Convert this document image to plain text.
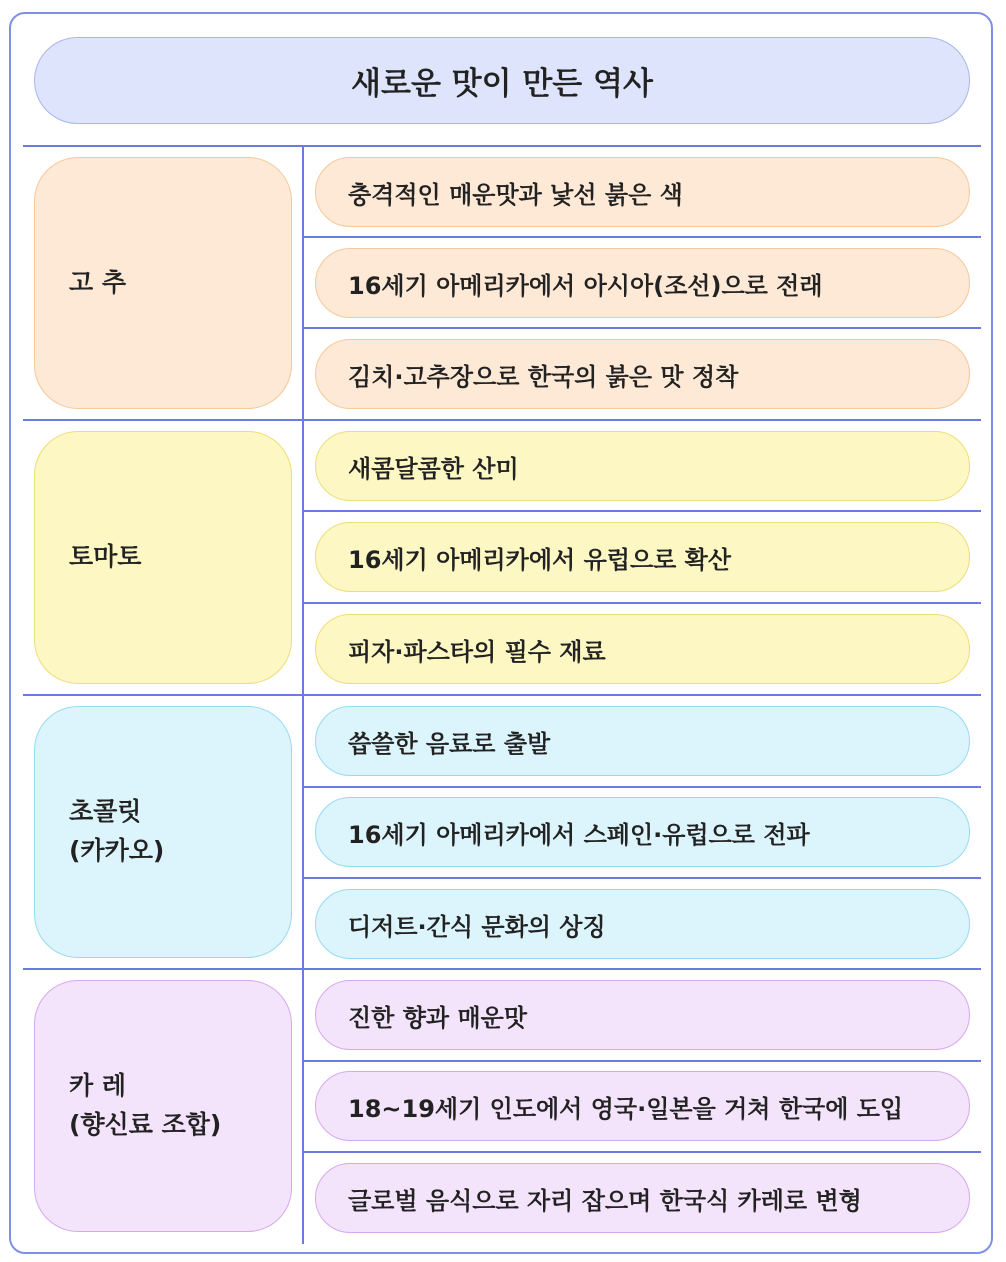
새로운 맛이 만든 역사
고 추
충격적인 매운맛과 낯선 붉은 색
16세기 아메리카에서 아시아(조선)으로 전래
김치·고추장으로 한국의 붉은 맛 정착
토마토
새콤달콤한 산미
16세기 아메리카에서 유럽으로 확산
피자·파스타의 필수 재료
초콜릿
(카카오)
씁쓸한 음료로 출발
16세기 아메리카에서 스페인·유럽으로 전파
디저트·간식 문화의 상징
카 레
(향신료 조합)
진한 향과 매운맛
18~19세기 인도에서 영국·일본을 거쳐 한국에 도입
글로벌 음식으로 자리 잡으며 한국식 카레로 변형
